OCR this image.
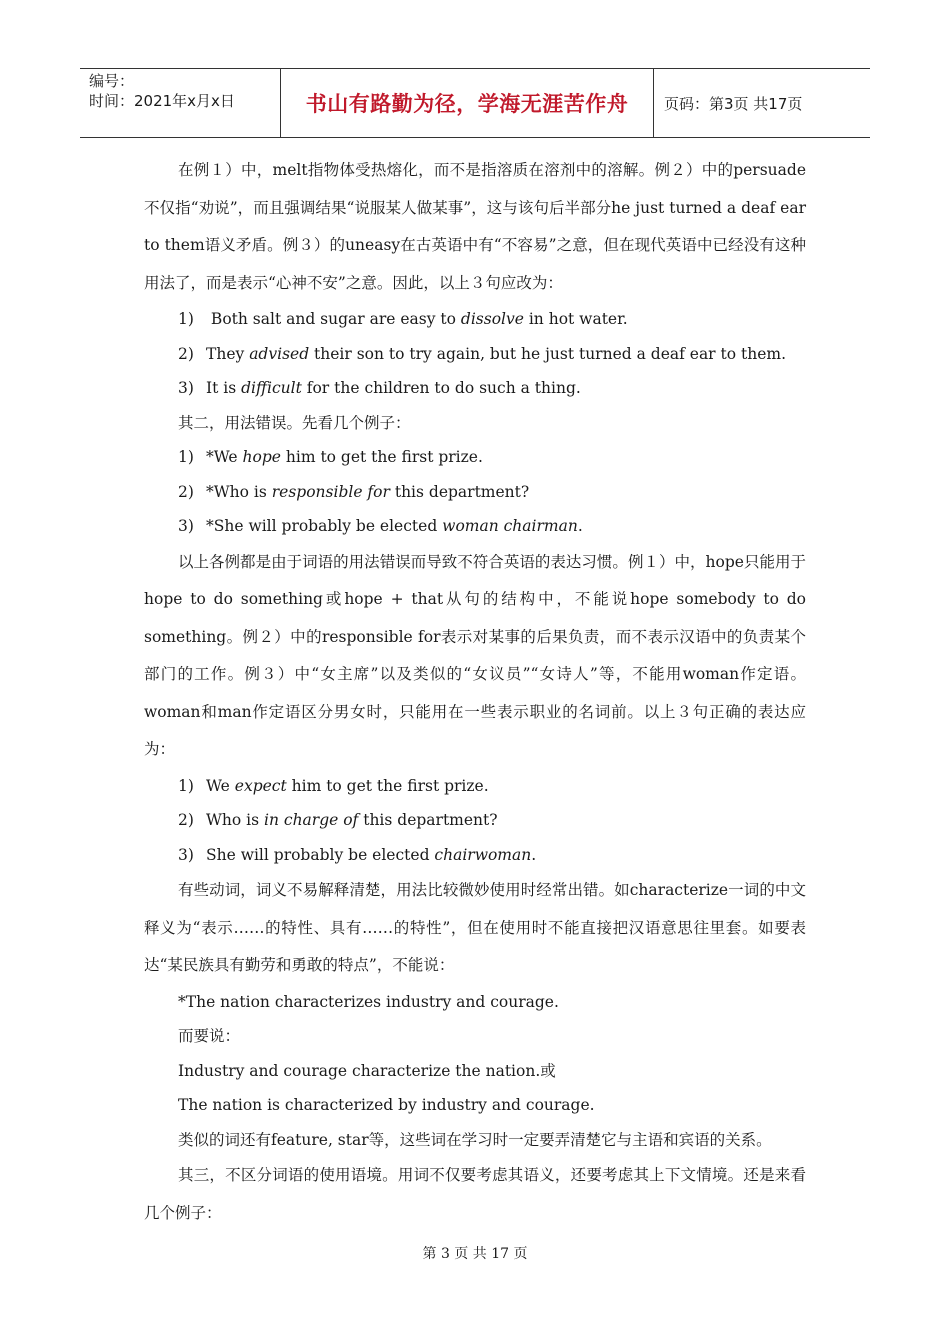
编号：
时间：2021年x月x日	书山有路勤为径，学海无涯苦作舟	页码：第3页 共17页

在例１）中，melt指物体受热熔化，而不是指溶质在溶剂中的溶解。例２）中的persuade不仅指“劝说”，而且强调结果“说服某人做某事”，这与该句后半部分he just turned a deaf ear to them语义矛盾。例３）的uneasy在古英语中有“不容易”之意，但在现代英语中已经没有这种用法了，而是表示“心神不安”之意。因此，以上３句应改为：

1) Both salt and sugar are easy to dissolve in hot water.
2) They advised their son to try again, but he just turned a deaf ear to them.
3) It is difficult for the children to do such a thing.
其二，用法错误。先看几个例子：
1) *We hope him to get the first prize.
2) *Who is responsible for this department?
3) *She will probably be elected woman chairman.

以上各例都是由于词语的用法错误而导致不符合英语的表达习惯。例１）中，hope只能用于hope to do something或hope + that从句的结构中，不能说hope somebody to do something。例２）中的responsible for表示对某事的后果负责，而不表示汉语中的负责某个部门的工作。例３）中“女主席”以及类似的“女议员”“女诗人”等，不能用woman作定语。woman和man作定语区分男女时，只能用在一些表示职业的名词前。以上３句正确的表达应为：

1) We expect him to get the first prize.
2) Who is in charge of this department?
3) She will probably be elected chairwoman.

有些动词，词义不易解释清楚，用法比较微妙使用时经常出错。如characterize一词的中文释义为“表示……的特性、具有……的特性”，但在使用时不能直接把汉语意思往里套。如要表达“某民族具有勤劳和勇敢的特点”，不能说：

*The nation characterizes industry and courage.
而要说：
Industry and courage characterize the nation.或
The nation is characterized by industry and courage.
类似的词还有feature, star等，这些词在学习时一定要弄清楚它与主语和宾语的关系。

其三，不区分词语的使用语境。用词不仅要考虑其语义，还要考虑其上下文情境。还是来看几个例子：

第 3 页 共 17 页
